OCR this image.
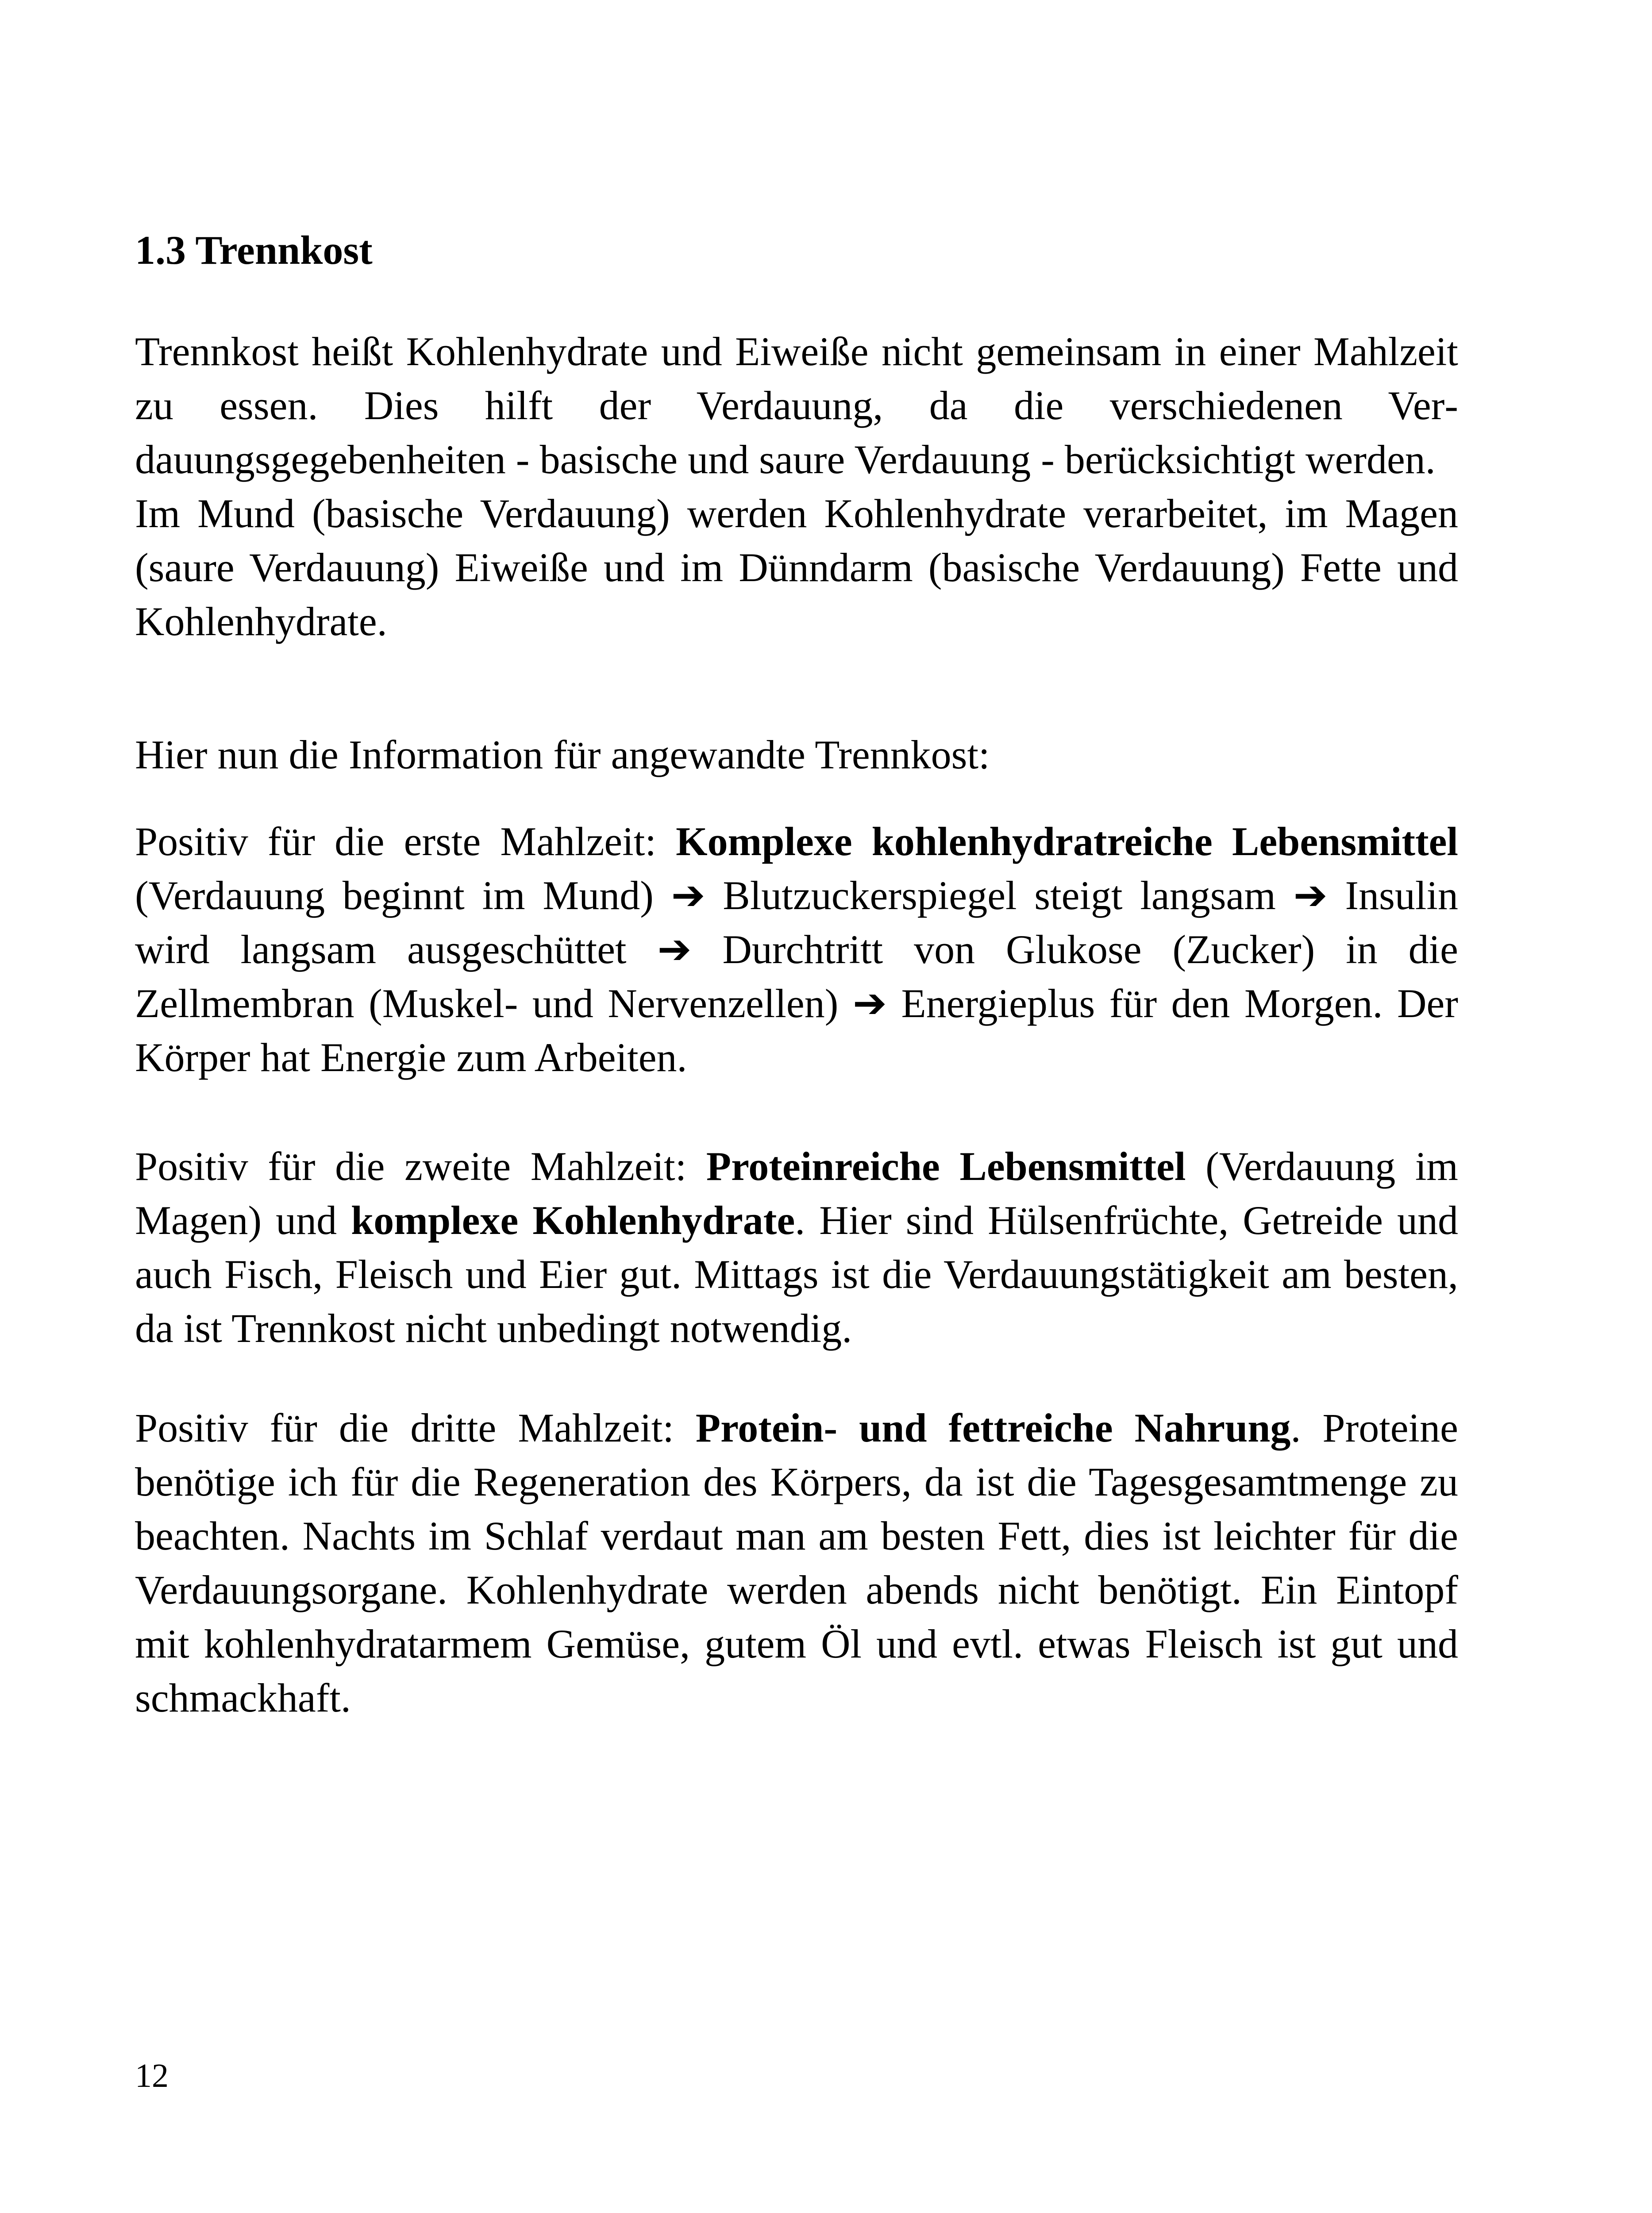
1.3 Trennkost

Trennkost heißt Kohlenhydrate und Eiweiße nicht gemeinsam in einer Mahlzeit zu essen. Dies hilft der Verdauung, da die verschiedenen Verdauungsgegebenheiten - basische und saure Verdauung - berücksichtigt werden.
Im Mund (basische Verdauung) werden Kohlenhydrate verarbeitet, im Magen (saure Verdauung) Eiweiße und im Dünndarm (basische Verdauung) Fette und Kohlenhydrate.

Hier nun die Information für angewandte Trennkost:

Positiv für die erste Mahlzeit: Komplexe kohlenhydratreiche Lebensmittel (Verdauung beginnt im Mund) ➔ Blutzuckerspiegel steigt langsam ➔ Insulin wird langsam ausgeschüttet ➔ Durchtritt von Glukose (Zucker) in die Zellmembran (Muskel- und Nervenzellen) ➔ Energieplus für den Morgen. Der Körper hat Energie zum Arbeiten.

Positiv für die zweite Mahlzeit: Proteinreiche Lebensmittel (Verdauung im Magen) und komplexe Kohlenhydrate. Hier sind Hülsenfrüchte, Getreide und auch Fisch, Fleisch und Eier gut. Mittags ist die Verdauungstätigkeit am besten, da ist Trennkost nicht unbedingt notwendig.

Positiv für die dritte Mahlzeit: Protein- und fettreiche Nahrung. Proteine benötige ich für die Regeneration des Körpers, da ist die Tagesgesamtmenge zu beachten. Nachts im Schlaf verdaut man am besten Fett, dies ist leichter für die Verdauungsorgane. Kohlenhydrate werden abends nicht benötigt. Ein Eintopf mit kohlenhydratarmem Gemüse, gutem Öl und evtl. etwas Fleisch ist gut und schmackhaft.

12
